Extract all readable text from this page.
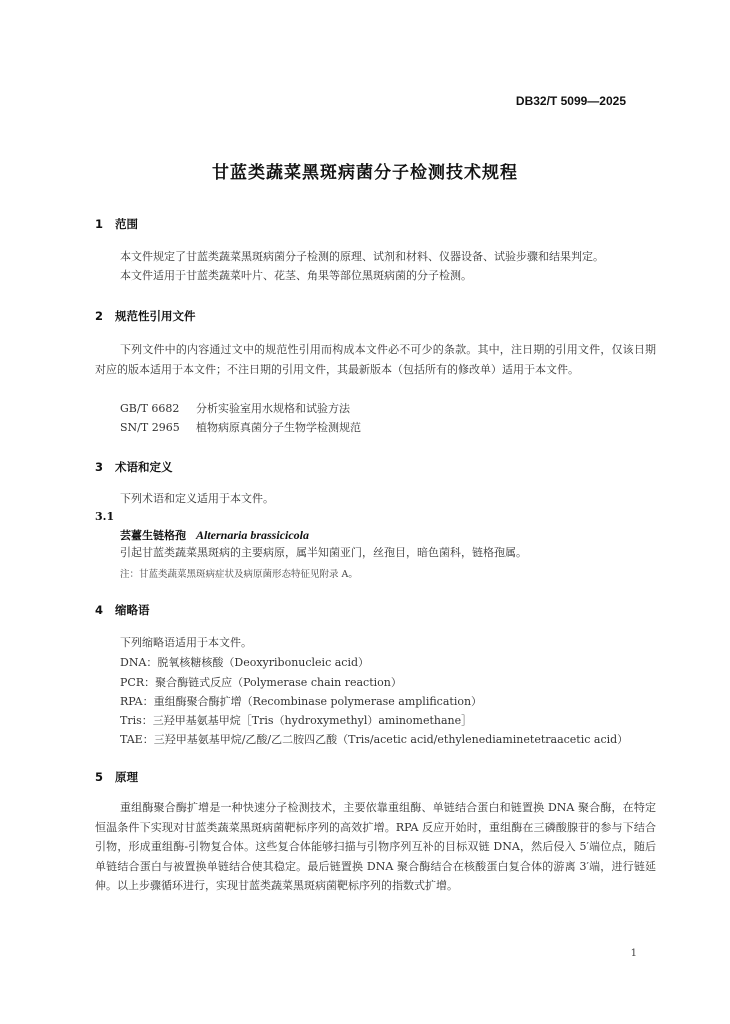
DB32/T 5099—2025
甘蓝类蔬菜黑斑病菌分子检测技术规程
1 范围
本文件规定了甘蓝类蔬菜黑斑病菌分子检测的原理、试剂和材料、仪器设备、试验步骤和结果判定。
本文件适用于甘蓝类蔬菜叶片、花茎、角果等部位黑斑病菌的分子检测。
2 规范性引用文件
下列文件中的内容通过文中的规范性引用而构成本文件必不可少的条款。其中，注日期的引用文件，仅该日期对应的版本适用于本文件；不注日期的引用文件，其最新版本（包括所有的修改单）适用于本文件。
GB/T 6682 分析实验室用水规格和试验方法
SN/T 2965 植物病原真菌分子生物学检测规范
3 术语和定义
下列术语和定义适用于本文件。
3.1
芸薹生链格孢 Alternaria brassicicola
引起甘蓝类蔬菜黑斑病的主要病原，属半知菌亚门，丝孢目，暗色菌科，链格孢属。
注：甘蓝类蔬菜黑斑病症状及病原菌形态特征见附录 A。
4 缩略语
下列缩略语适用于本文件。
DNA：脱氧核糖核酸（Deoxyribonucleic acid）
PCR：聚合酶链式反应（Polymerase chain reaction）
RPA：重组酶聚合酶扩增（Recombinase polymerase amplification）
Tris：三羟甲基氨基甲烷［Tris（hydroxymethyl）aminomethane］
TAE：三羟甲基氨基甲烷/乙酸/乙二胺四乙酸（Tris/acetic acid/ethylenediaminetetraacetic acid）
5 原理
重组酶聚合酶扩增是一种快速分子检测技术，主要依靠重组酶、单链结合蛋白和链置换 DNA 聚合酶，在特定恒温条件下实现对甘蓝类蔬菜黑斑病菌靶标序列的高效扩增。RPA 反应开始时，重组酶在三磷酸腺苷的参与下结合引物，形成重组酶-引物复合体。这些复合体能够扫描与引物序列互补的目标双链 DNA，然后侵入 5′端位点，随后单链结合蛋白与被置换单链结合使其稳定。最后链置换 DNA 聚合酶结合在核酸蛋白复合体的游离 3′端，进行链延伸。以上步骤循环进行，实现甘蓝类蔬菜黑斑病菌靶标序列的指数式扩增。
1
